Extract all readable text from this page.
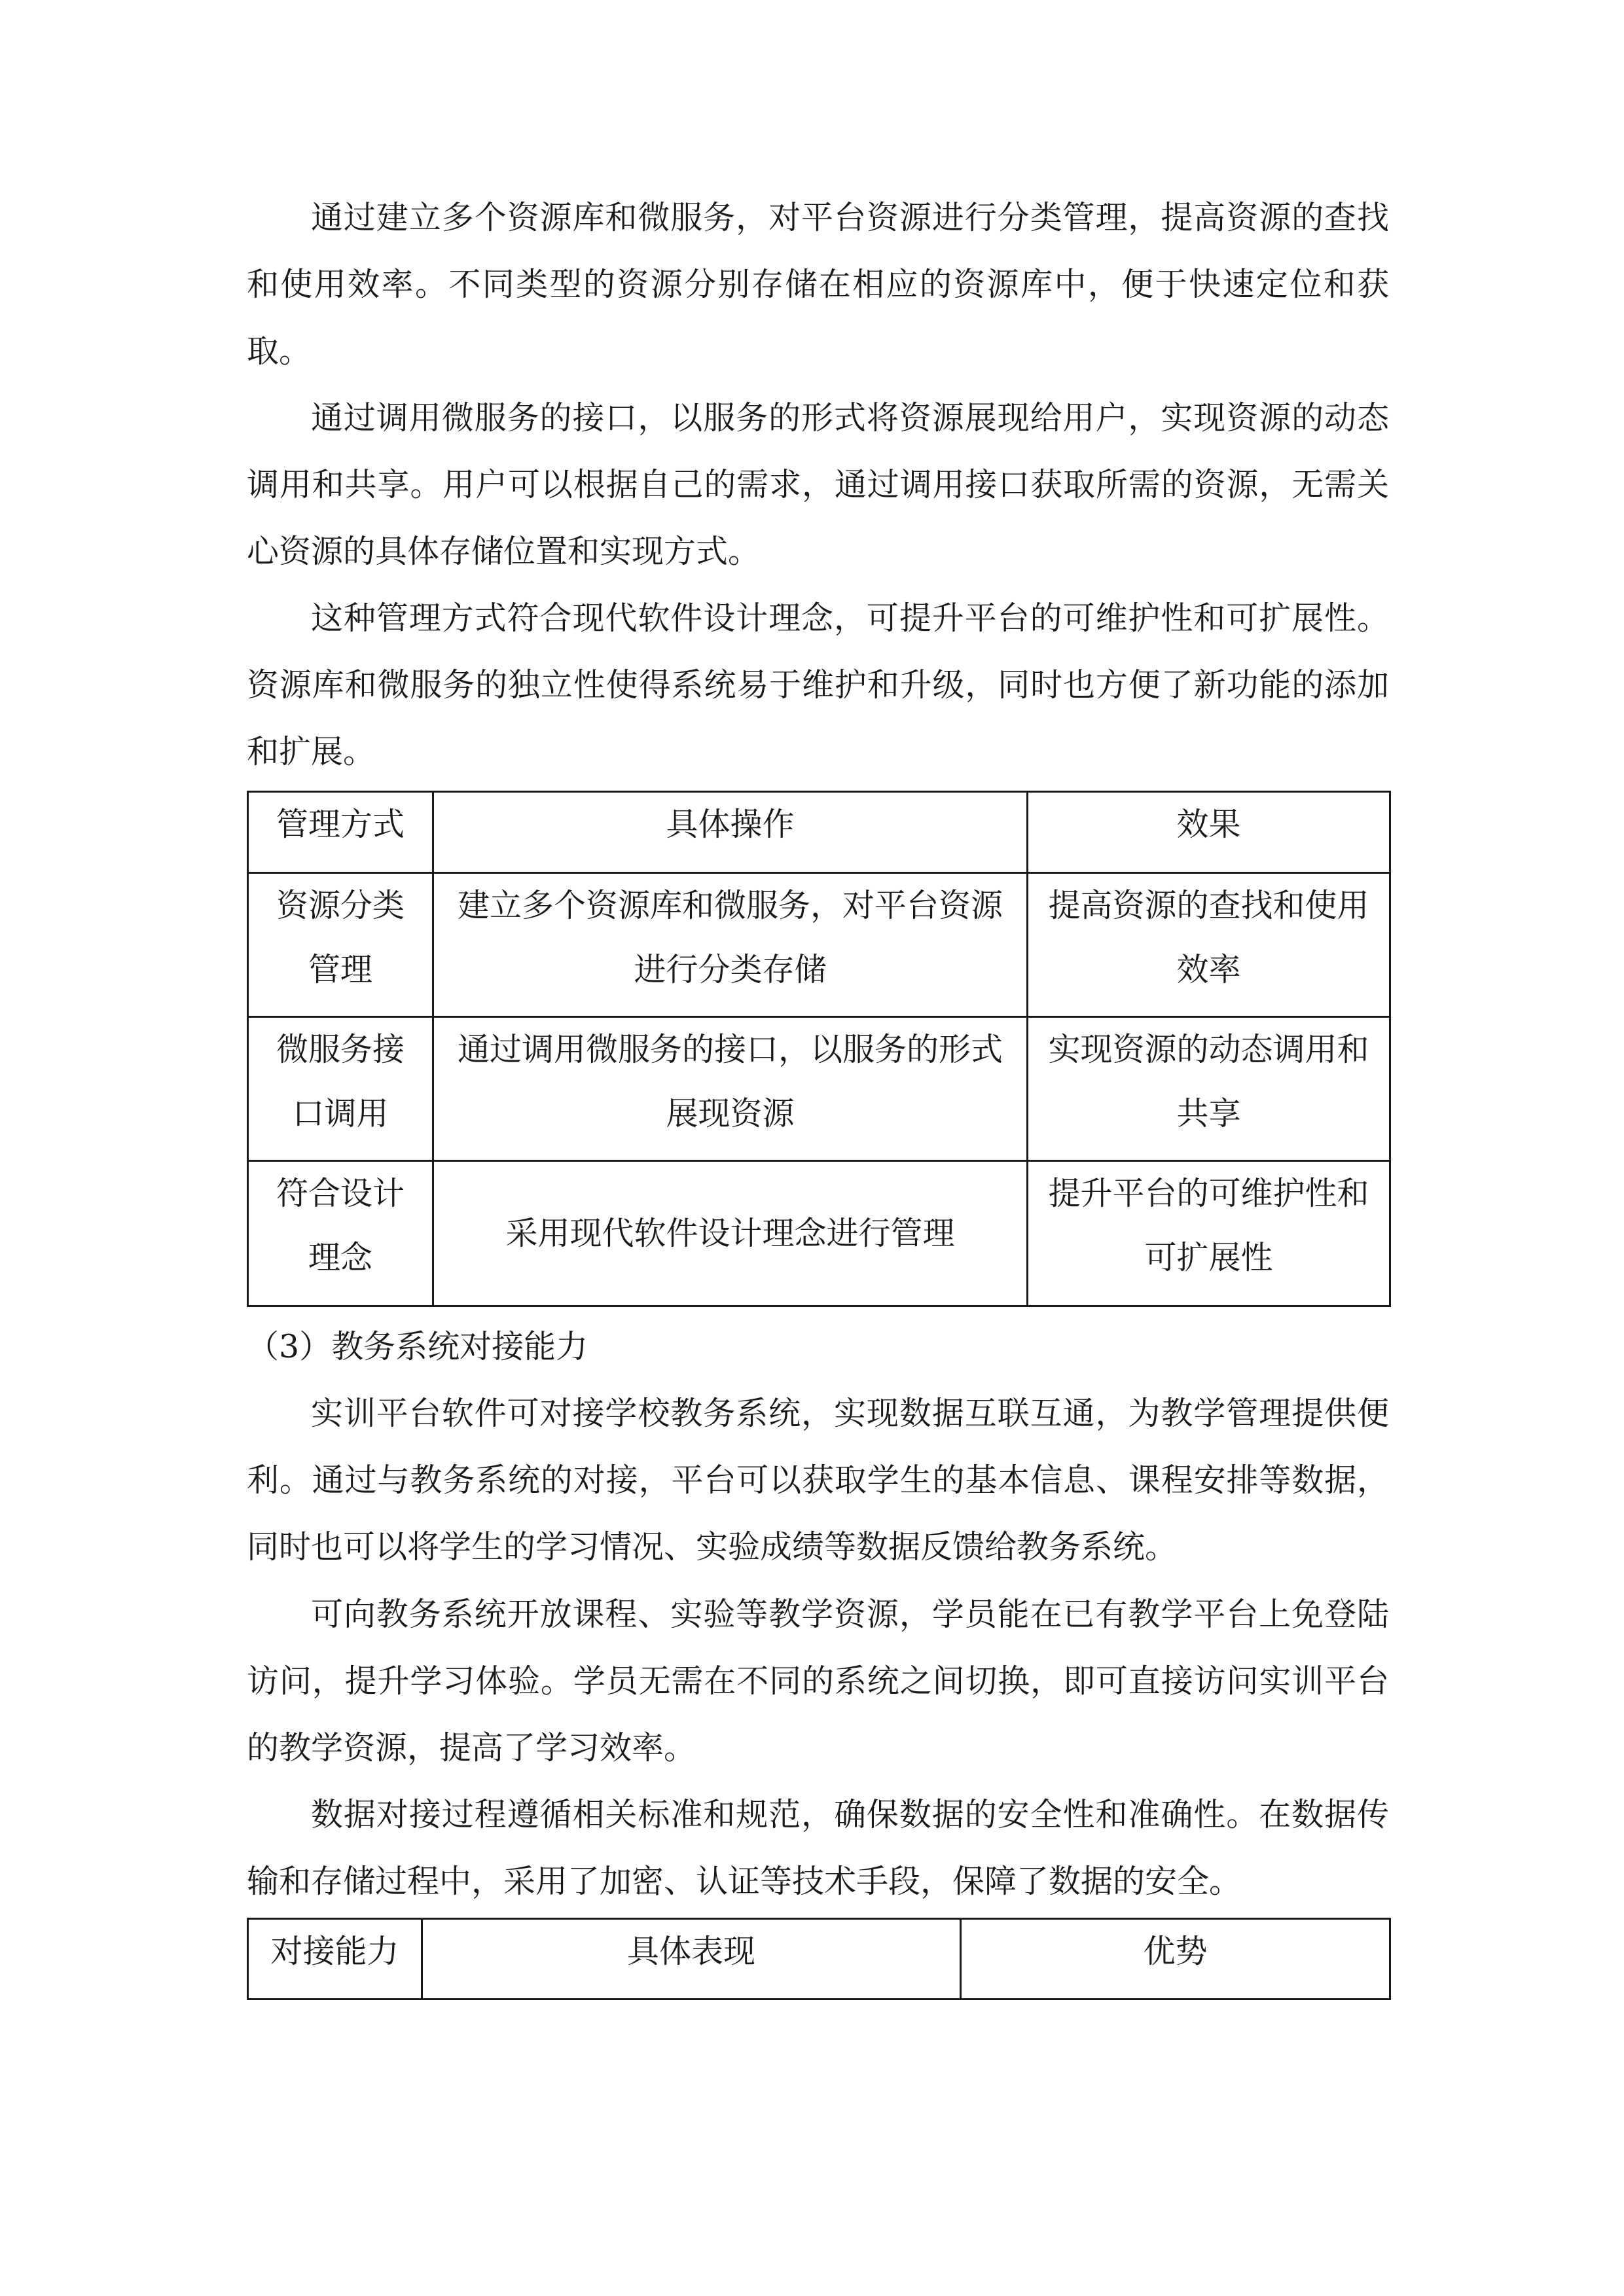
通过建立多个资源库和微服务，对平台资源进行分类管理，提高资源的查找和使用效率。不同类型的资源分别存储在相应的资源库中，便于快速定位和获取。

通过调用微服务的接口，以服务的形式将资源展现给用户，实现资源的动态调用和共享。用户可以根据自己的需求，通过调用接口获取所需的资源，无需关心资源的具体存储位置和实现方式。

这种管理方式符合现代软件设计理念，可提升平台的可维护性和可扩展性。资源库和微服务的独立性使得系统易于维护和升级，同时也方便了新功能的添加和扩展。

管理方式	具体操作	效果
资源分类管理	建立多个资源库和微服务，对平台资源进行分类存储	提高资源的查找和使用效率
微服务接口调用	通过调用微服务的接口，以服务的形式展现资源	实现资源的动态调用和共享
符合设计理念	采用现代软件设计理念进行管理	提升平台的可维护性和可扩展性

（3）教务系统对接能力

实训平台软件可对接学校教务系统，实现数据互联互通，为教学管理提供便利。通过与教务系统的对接，平台可以获取学生的基本信息、课程安排等数据，同时也可以将学生的学习情况、实验成绩等数据反馈给教务系统。

可向教务系统开放课程、实验等教学资源，学员能在已有教学平台上免登陆访问，提升学习体验。学员无需在不同的系统之间切换，即可直接访问实训平台的教学资源，提高了学习效率。

数据对接过程遵循相关标准和规范，确保数据的安全性和准确性。在数据传输和存储过程中，采用了加密、认证等技术手段，保障了数据的安全。

对接能力	具体表现	优势
